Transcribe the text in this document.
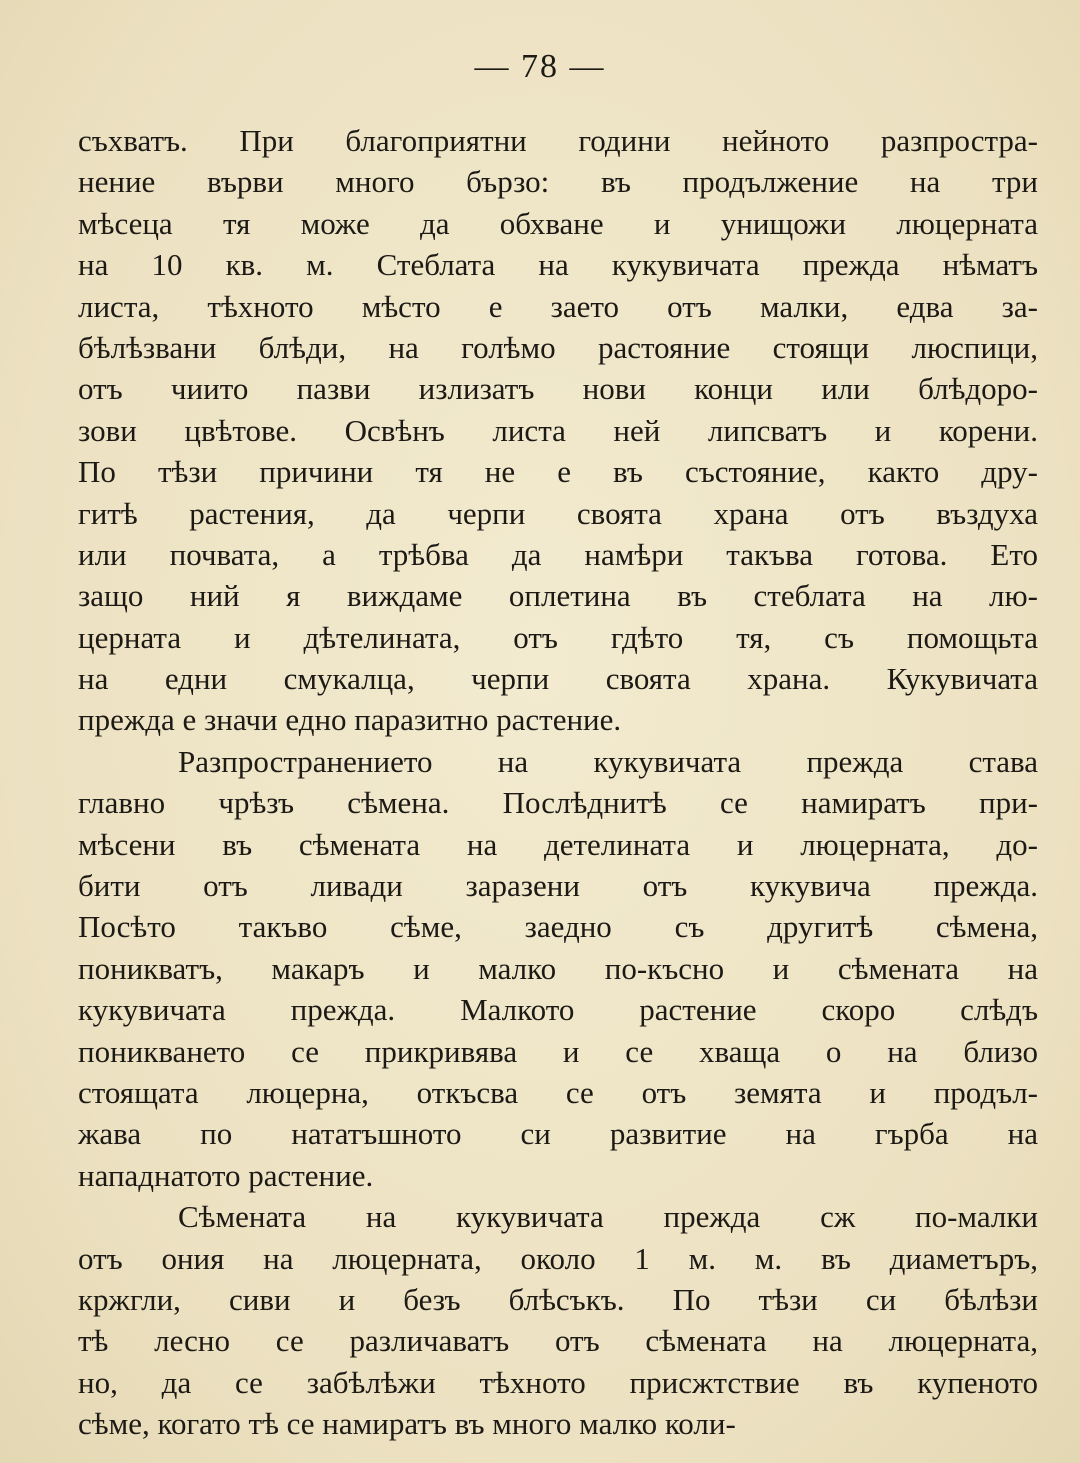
— 78 —
съхватъ. При благоприятни години нейното разпростра-
нение върви много бързо: въ продължение на три
мѣсеца тя може да обхване и унищожи люцерната
на 10 кв. м. Стеблата на кукувичата прежда нѣматъ
листа, тѣхното мѣсто е заето отъ малки, едва за-
бѣлѣзвани блѣди, на голѣмо растояние стоящи люспици,
отъ чиито пазви излизатъ нови конци или блѣдоро-
зови цвѣтове. Освѣнъ листа ней липсватъ и корени.
По тѣзи причини тя не е въ състояние, както дру-
гитѣ растения, да черпи своята храна отъ въздуха
или почвата, а трѣбва да намѣри такъва готова. Ето
защо ний я виждаме оплетина въ стеблата на лю-
церната и дѣтелината, отъ гдѣто тя, съ помощьта
на едни смукалца, черпи своята храна. Кукувичата
прежда е значи едно паразитно растение.
Разпространението на кукувичата прежда става
главно чрѣзъ сѣмена. Послѣднитѣ се намиратъ при-
мѣсени въ сѣмената на детелината и люцерната, до-
бити отъ ливади заразени отъ кукувича прежда.
Посѣто такъво сѣме, заедно съ другитѣ сѣмена,
поникватъ, макаръ и малко по-късно и сѣмената на
кукувичата прежда. Малкото растение скоро слѣдъ
поникването се прикривява и се хваща о на близо
стоящата люцерна, откъсва се отъ земята и продъл-
жава по нататъшното си развитие на гърба на
нападнатото растение.
Сѣмената на кукувичата прежда сж по-малки
отъ ония на люцерната, около 1 м. м. въ диаметъръ,
кржгли, сиви и безъ блѣсъкъ. По тѣзи си бѣлѣзи
тѣ лесно се различаватъ отъ сѣмената на люцерната,
но, да се забѣлѣжи тѣхното присжтствие въ купеното
сѣме, когато тѣ се намиратъ въ много малко коли-
